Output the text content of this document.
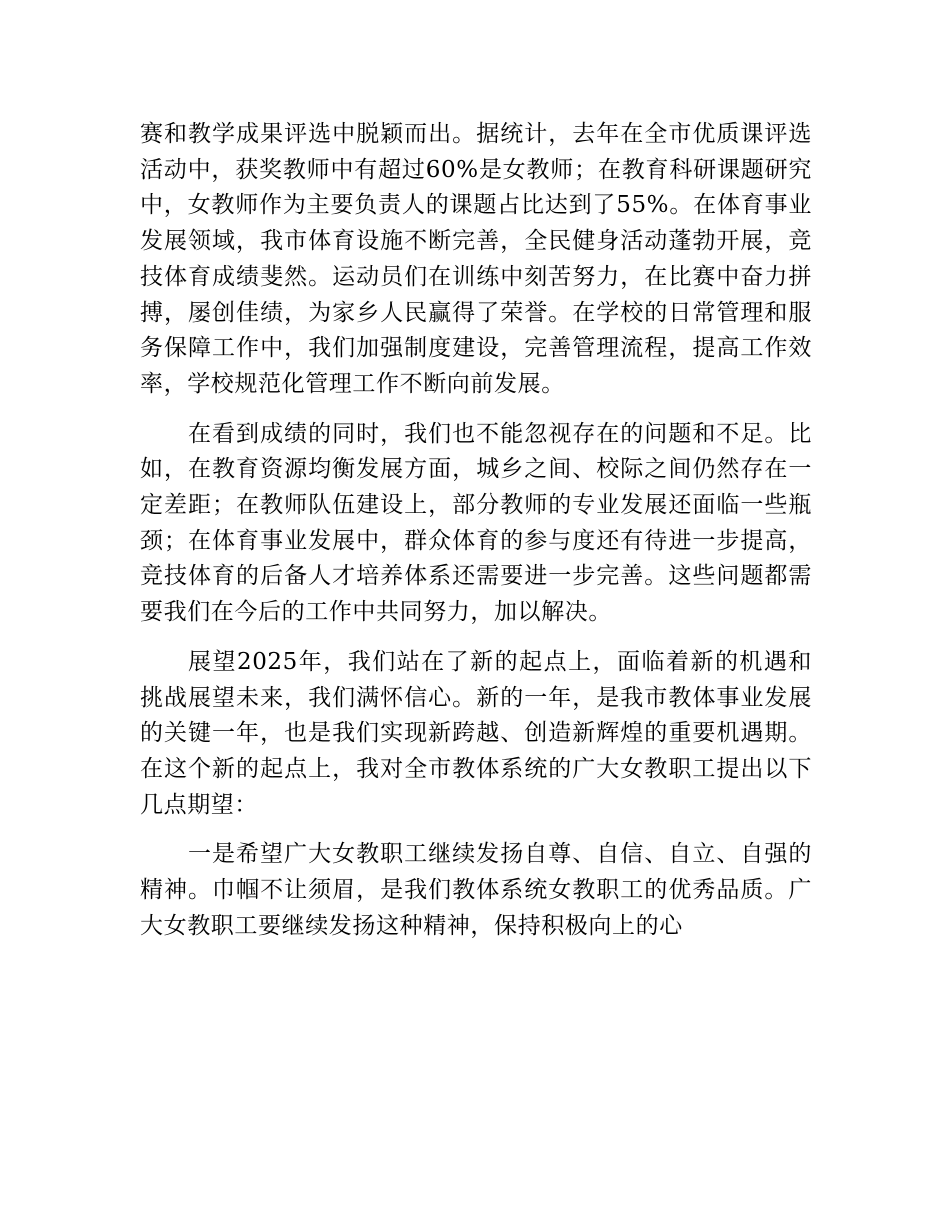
赛和教学成果评选中脱颖而出。据统计，去年在全市优质课评选活动中，获奖教师中有超过60%是女教师；在教育科研课题研究中，女教师作为主要负责人的课题占比达到了55%。在体育事业发展领域，我市体育设施不断完善，全民健身活动蓬勃开展，竞技体育成绩斐然。运动员们在训练中刻苦努力，在比赛中奋力拼搏，屡创佳绩，为家乡人民赢得了荣誉。在学校的日常管理和服务保障工作中，我们加强制度建设，完善管理流程，提高工作效率，学校规范化管理工作不断向前发展。

在看到成绩的同时，我们也不能忽视存在的问题和不足。比如，在教育资源均衡发展方面，城乡之间、校际之间仍然存在一定差距；在教师队伍建设上，部分教师的专业发展还面临一些瓶颈；在体育事业发展中，群众体育的参与度还有待进一步提高，竞技体育的后备人才培养体系还需要进一步完善。这些问题都需要我们在今后的工作中共同努力，加以解决。

展望2025年，我们站在了新的起点上，面临着新的机遇和挑战展望未来，我们满怀信心。新的一年，是我市教体事业发展的关键一年，也是我们实现新跨越、创造新辉煌的重要机遇期。在这个新的起点上，我对全市教体系统的广大女教职工提出以下几点期望：

一是希望广大女教职工继续发扬自尊、自信、自立、自强的精神。巾帼不让须眉，是我们教体系统女教职工的优秀品质。广大女教职工要继续发扬这种精神，保持积极向上的心
